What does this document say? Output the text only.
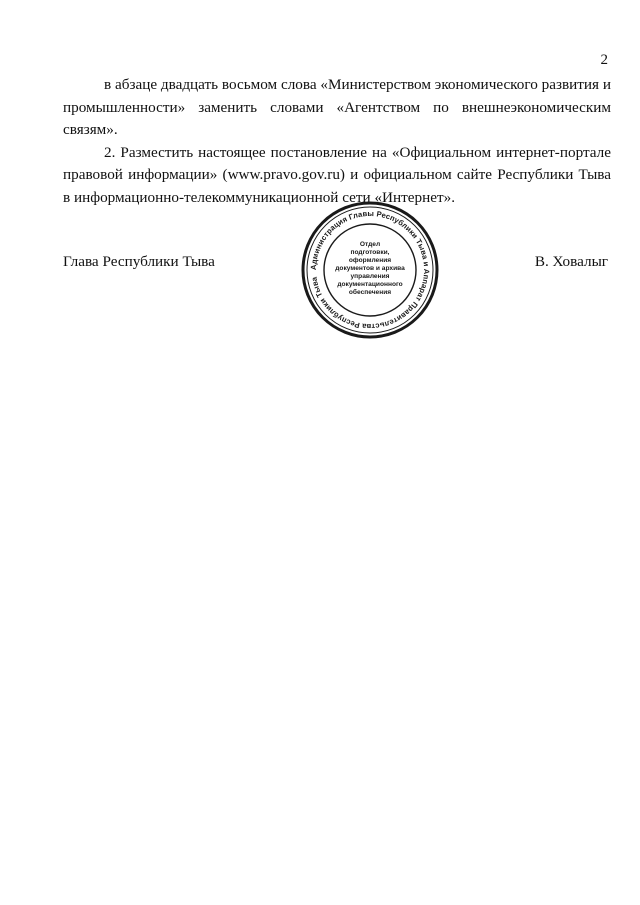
2

в абзаце двадцать восьмом слова «Министерством экономического развития и промышленности» заменить словами «Агентством по внешнеэкономическим связям».

2. Разместить настоящее постановление на «Официальном интернет-портале правовой информации» (www.pravo.gov.ru) и официальном сайте Республики Тыва в информационно-телекоммуникационной сети «Интернет».

Глава Республики Тыва	Администрация Главы Республики Тыва и Аппарат Правительства Республики Тыва
Отдел
подготовки,
оформления
документов и архива
управления
документационного
обеспечения
В. Ховалыг
